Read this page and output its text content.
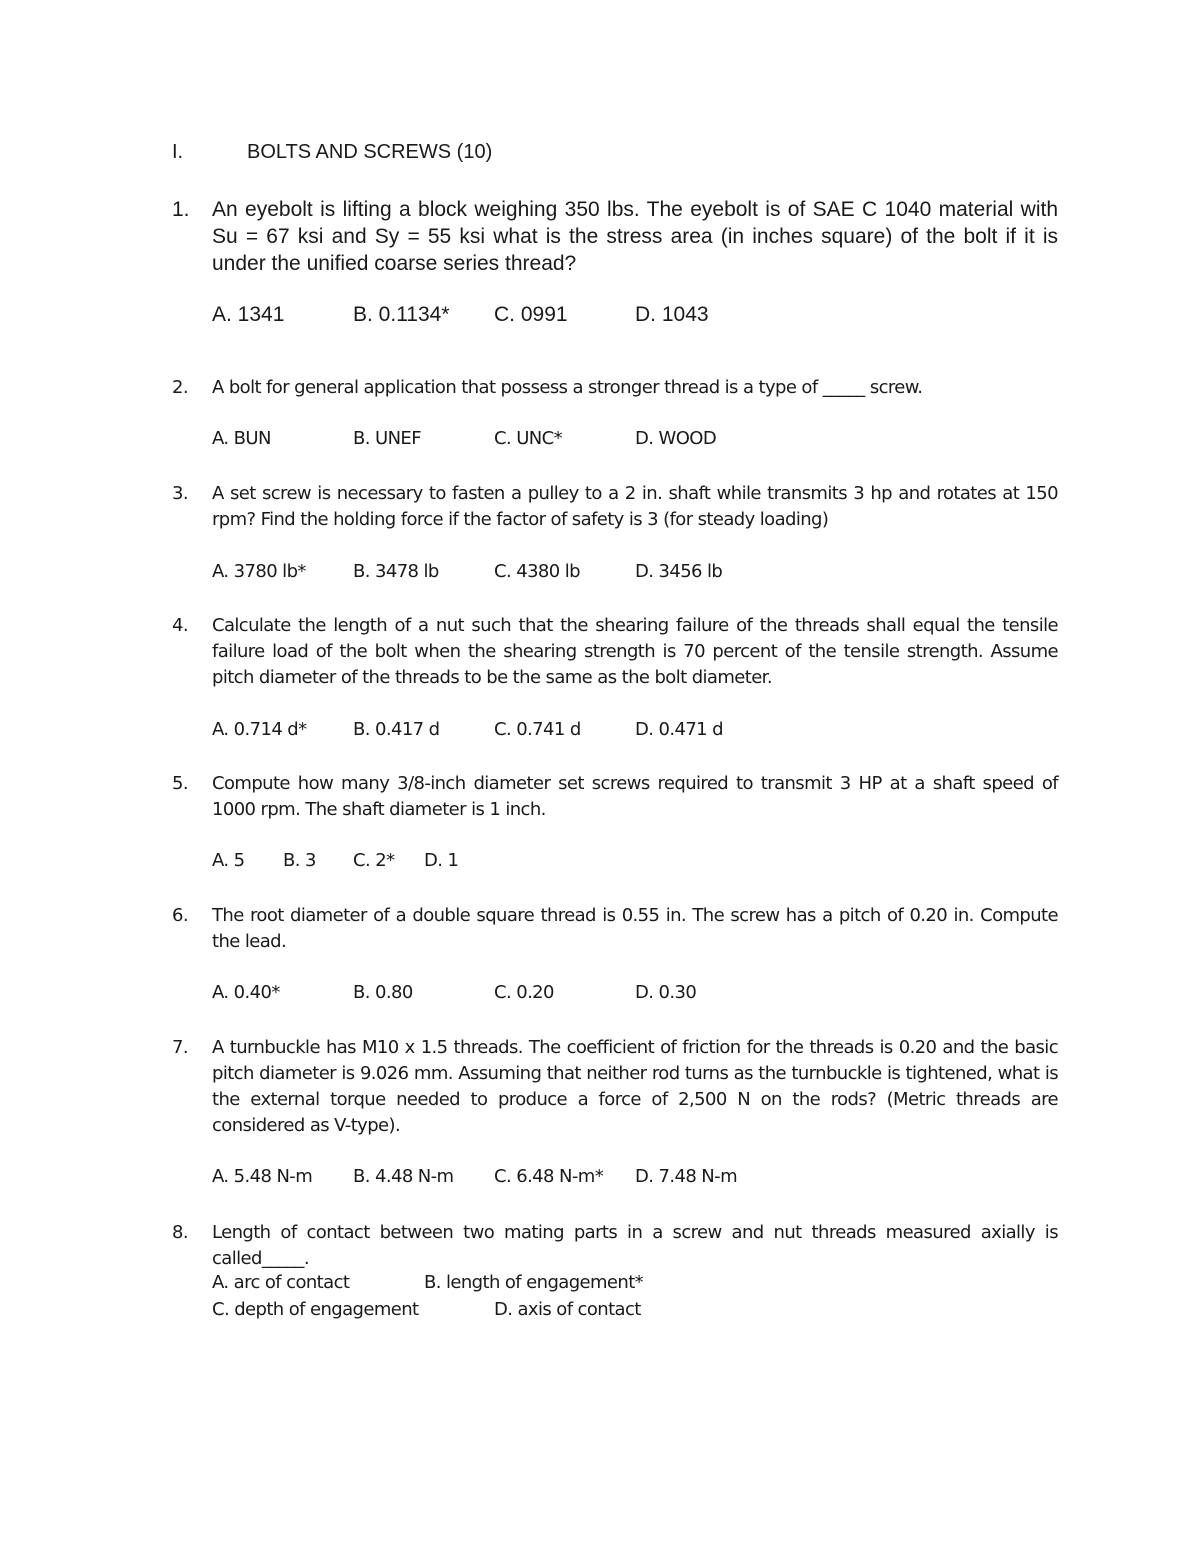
I.	BOLTS AND SCREWS (10)
1. An eyebolt is lifting a block weighing 350 lbs. The eyebolt is of SAE C 1040 material with Su = 67 ksi and Sy = 55 ksi what is the stress area (in inches square) of the bolt if it is under the unified coarse series thread?
A. 1341	B. 0.1134* C. 0991	D. 1043
2. A bolt for general application that possess a stronger thread is a type of _____ screw.
A. BUN	B. UNEF	C. UNC*	D. WOOD
3. A set screw is necessary to fasten a pulley to a 2 in. shaft while transmits 3 hp and rotates at 150 rpm? Find the holding force if the factor of safety is 3 (for steady loading)
A. 3780 lb*	B. 3478 lb	C. 4380 lb	D. 3456 lb
4. Calculate the length of a nut such that the shearing failure of the threads shall equal the tensile failure load of the bolt when the shearing strength is 70 percent of the tensile strength. Assume pitch diameter of the threads to be the same as the bolt diameter.
A. 0.714 d*	B. 0.417 d	C. 0.741 d	D. 0.471 d
5. Compute how many 3/8-inch diameter set screws required to transmit 3 HP at a shaft speed of 1000 rpm. The shaft diameter is 1 inch.
A. 5 B. 3 C. 2* D. 1
6. The root diameter of a double square thread is 0.55 in. The screw has a pitch of 0.20 in. Compute the lead.
A. 0.40*	B. 0.80	C. 0.20	D. 0.30
7. A turnbuckle has M10 x 1.5 threads. The coefficient of friction for the threads is 0.20 and the basic pitch diameter is 9.026 mm. Assuming that neither rod turns as the turnbuckle is tightened, what is the external torque needed to produce a force of 2,500 N on the rods? (Metric threads are considered as V-type).
A. 5.48 N-m B. 4.48 N-m C. 6.48 N-m* D. 7.48 N-m
8. Length of contact between two mating parts in a screw and nut threads measured axially is called_____.
A. arc of contact	B. length of engagement*
C. depth of engagement	D. axis of contact
